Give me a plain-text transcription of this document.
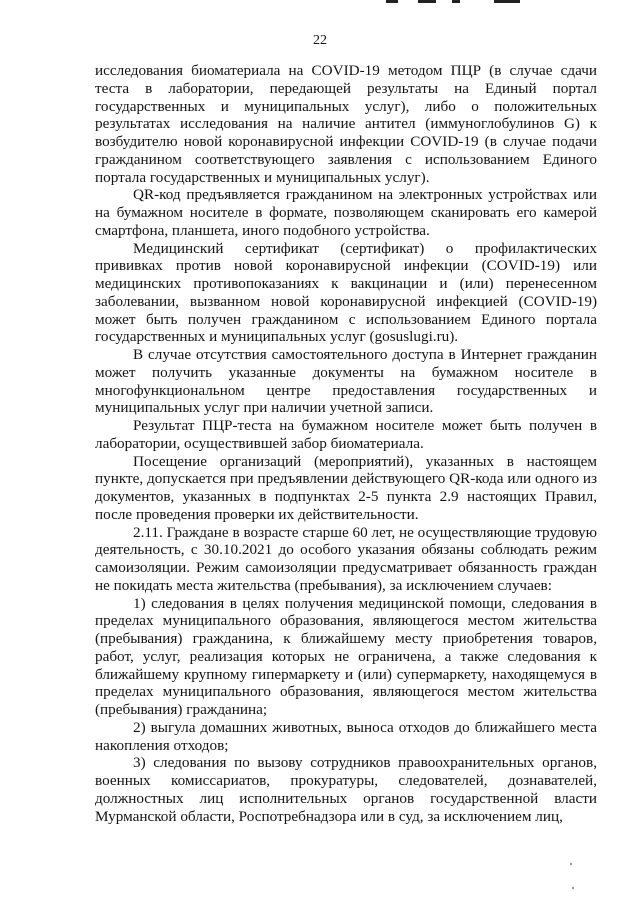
22

исследования биоматериала на COVID-19 методом ПЦР (в случае сдачи теста в лаборатории, передающей результаты на Единый портал государственных и муниципальных услуг), либо о положительных результатах исследования на наличие антител (иммуноглобулинов G) к возбудителю новой коронавирусной инфекции COVID-19 (в случае подачи гражданином соответствующего заявления с использованием Единого портала государственных и муниципальных услуг).

QR-код предъявляется гражданином на электронных устройствах или на бумажном носителе в формате, позволяющем сканировать его камерой смартфона, планшета, иного подобного устройства.

Медицинский сертификат (сертификат) о профилактических прививках против новой коронавирусной инфекции (COVID-19) или медицинских противопоказаниях к вакцинации и (или) перенесенном заболевании, вызванном новой коронавирусной инфекцией (COVID-19) может быть получен гражданином с использованием Единого портала государственных и муниципальных услуг (gosuslugi.ru).

В случае отсутствия самостоятельного доступа в Интернет гражданин может получить указанные документы на бумажном носителе в многофункциональном центре предоставления государственных и муниципальных услуг при наличии учетной записи.

Результат ПЦР-теста на бумажном носителе может быть получен в лаборатории, осуществившей забор биоматериала.

Посещение организаций (мероприятий), указанных в настоящем пункте, допускается при предъявлении действующего QR-кода или одного из документов, указанных в подпунктах 2-5 пункта 2.9 настоящих Правил, после проведения проверки их действительности.

2.11. Граждане в возрасте старше 60 лет, не осуществляющие трудовую деятельность, с 30.10.2021 до особого указания обязаны соблюдать режим самоизоляции. Режим самоизоляции предусматривает обязанность граждан не покидать места жительства (пребывания), за исключением случаев:

1) следования в целях получения медицинской помощи, следования в пределах муниципального образования, являющегося местом жительства (пребывания) гражданина, к ближайшему месту приобретения товаров, работ, услуг, реализация которых не ограничена, а также следования к ближайшему крупному гипермаркету и (или) супермаркету, находящемуся в пределах муниципального образования, являющегося местом жительства (пребывания) гражданина;

2) выгула домашних животных, выноса отходов до ближайшего места накопления отходов;

3) следования по вызову сотрудников правоохранительных органов, военных комиссариатов, прокуратуры, следователей, дознавателей, должностных лиц исполнительных органов государственной власти Мурманской области, Роспотребнадзора или в суд, за исключением лиц,
